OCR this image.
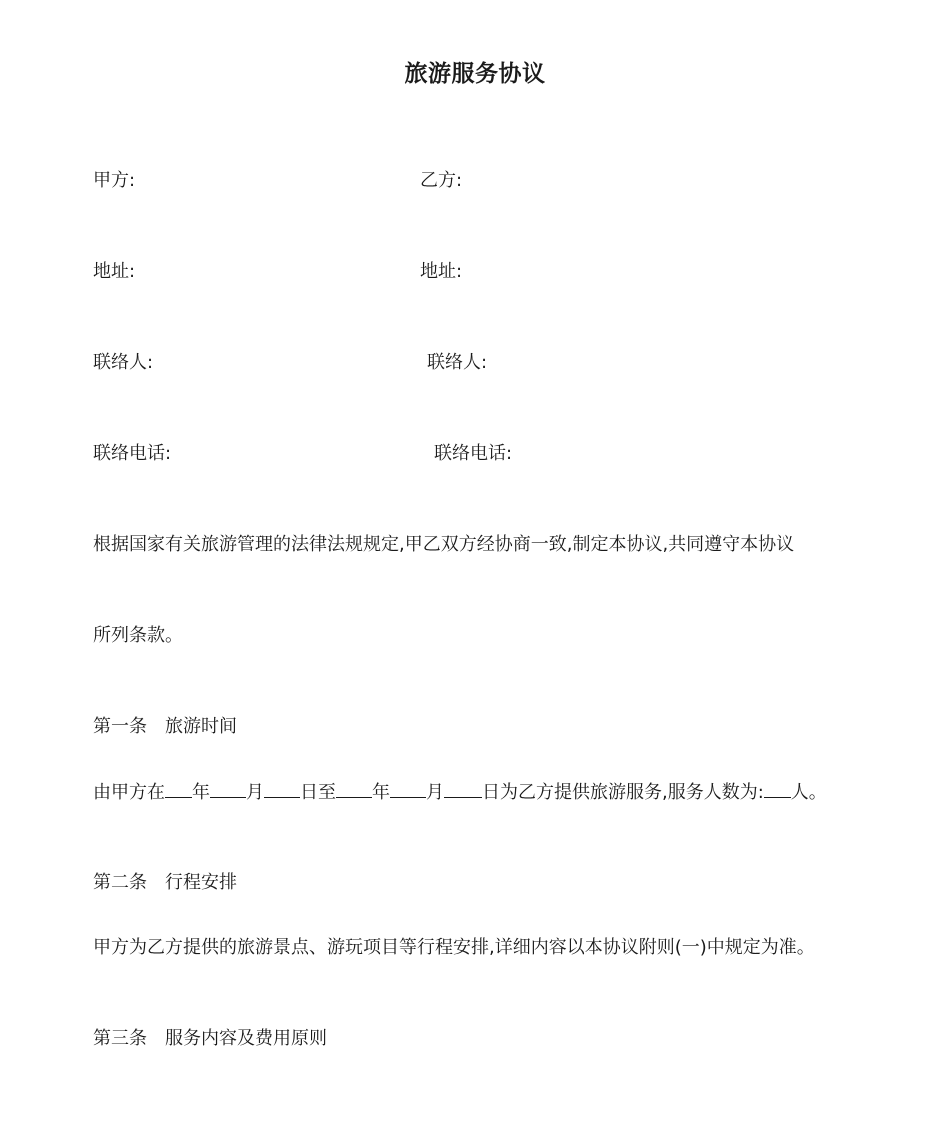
旅游服务协议
甲方:	乙方:
地址:	地址:
联络人:	联络人:
联络电话:	联络电话:
根据国家有关旅游管理的法律法规规定,甲乙双方经协商一致,制定本协议,共同遵守本协议
所列条款。
第一条 旅游时间
由甲方在 年 月 日至 年 月 日为乙方提供旅游服务,服务人数为: 人。
第二条 行程安排
甲方为乙方提供的旅游景点、游玩项目等行程安排,详细内容以本协议附则(一)中规定为准。
第三条 服务内容及费用原则
